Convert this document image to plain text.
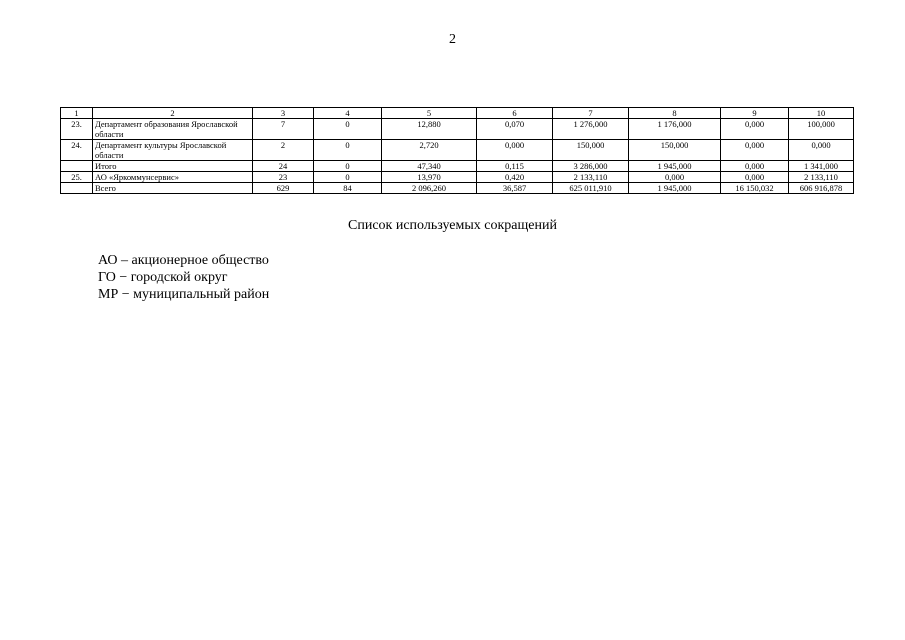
2
1	2	3	4	5	6	7	8	9	10
23.	Департамент образования Ярославской области	7	0	12,880	0,070	1 276,000	1 176,000	0,000	100,000
24.	Департамент культуры Ярославской области	2	0	2,720	0,000	150,000	150,000	0,000	0,000
	Итого	24	0	47,340	0,115	3 286,000	1 945,000	0,000	1 341,000
25.	АО «Яркоммунсервис»	23	0	13,970	0,420	2 133,110	0,000	0,000	2 133,110
	Всего	629	84	2 096,260	36,587	625 011,910	1 945,000	16 150,032	606 916,878
Список используемых сокращений
АО – акционерное общество
ГО − городской округ
МР − муниципальный район
